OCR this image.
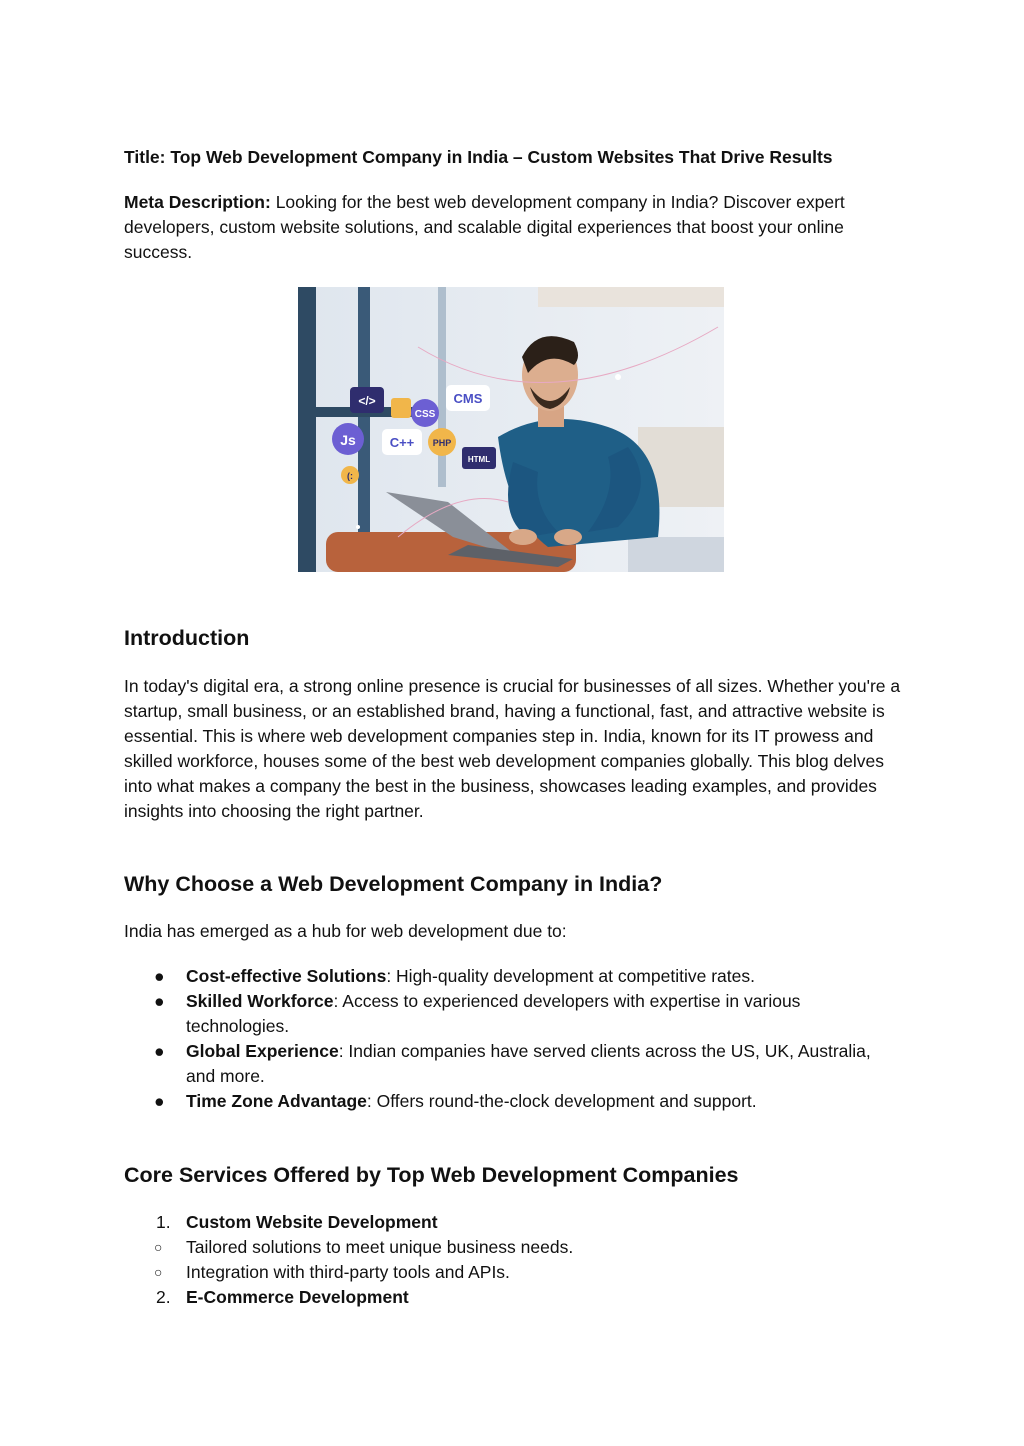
Title: Top Web Development Company in India – Custom Websites That Drive Results

Meta Description: Looking for the best web development company in India? Discover expert developers, custom website solutions, and scalable digital experiences that boost your online success.

</>
CSS
CMS
Js	C++ PHP
HTML
(:
Introduction

In today's digital era, a strong online presence is crucial for businesses of all sizes. Whether you're a startup, small business, or an established brand, having a functional, fast, and attractive website is essential. This is where web development companies step in. India, known for its IT prowess and skilled workforce, houses some of the best web development companies globally. This blog delves into what makes a company the best in the business, showcases leading examples, and provides insights into choosing the right partner.

Why Choose a Web Development Company in India?

India has emerged as a hub for web development due to:

● Cost-effective Solutions: High-quality development at competitive rates.
● Skilled Workforce: Access to experienced developers with expertise in various technologies.
● Global Experience: Indian companies have served clients across the US, UK, Australia, and more.
● Time Zone Advantage: Offers round-the-clock development and support.
Core Services Offered by Top Web Development Companies
1. Custom Website Development
○ Tailored solutions to meet unique business needs.
○ Integration with third-party tools and APIs.
2. E-Commerce Development
